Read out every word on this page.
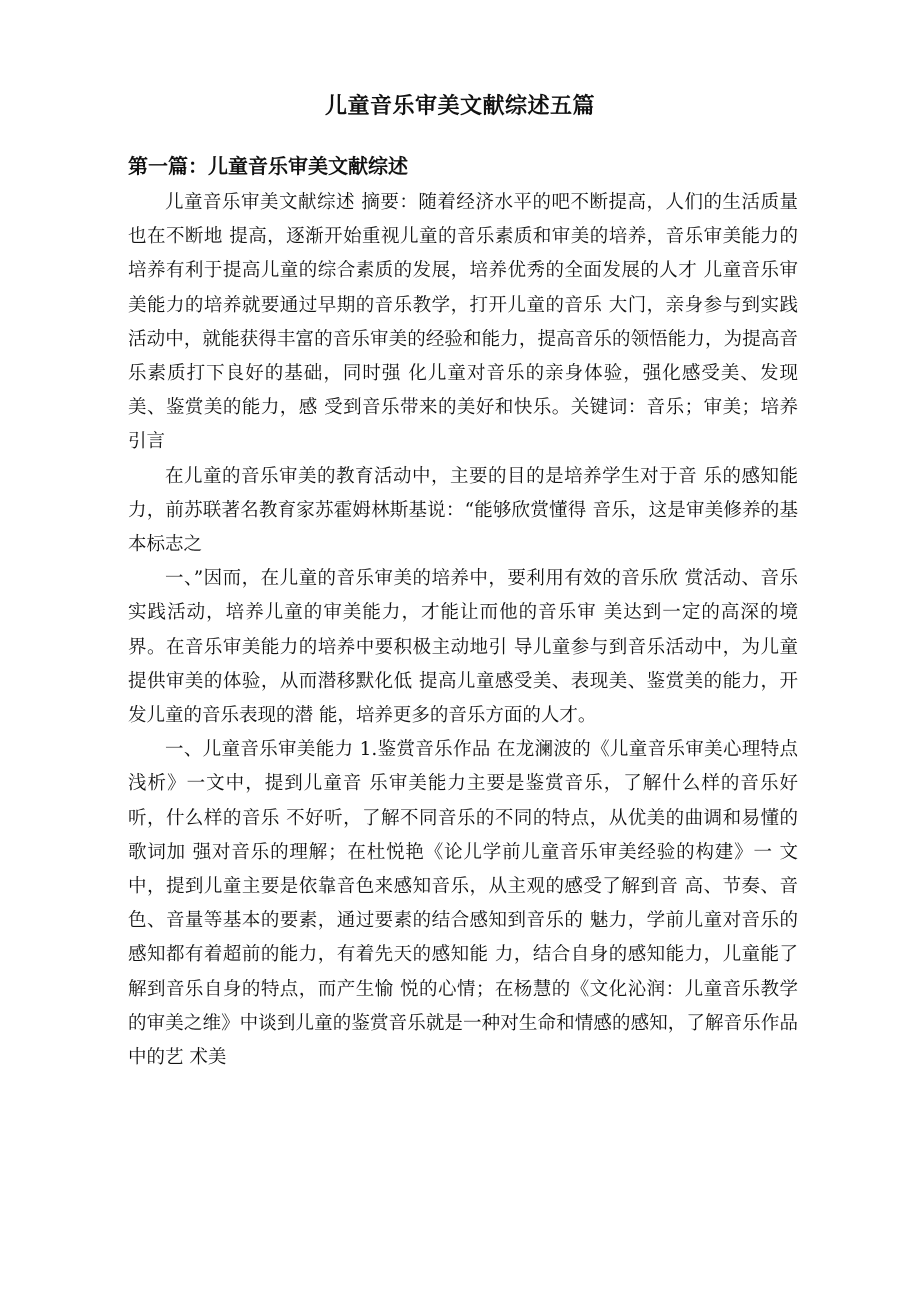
儿童音乐审美文献综述五篇
第一篇：儿童音乐审美文献综述

儿童音乐审美文献综述 摘要：随着经济水平的吧不断提高，人们的生活质量也在不断地 提高，逐渐开始重视儿童的音乐素质和审美的培养，音乐审美能力的 培养有利于提高儿童的综合素质的发展，培养优秀的全面发展的人才 儿童音乐审美能力的培养就要通过早期的音乐教学，打开儿童的音乐 大门，亲身参与到实践活动中，就能获得丰富的音乐审美的经验和能力，提高音乐的领悟能力，为提高音乐素质打下良好的基础，同时强 化儿童对音乐的亲身体验，强化感受美、发现美、鉴赏美的能力，感 受到音乐带来的美好和快乐。关键词：音乐；审美；培养引言

在儿童的音乐审美的教育活动中，主要的目的是培养学生对于音 乐的感知能力，前苏联著名教育家苏霍姆林斯基说：“能够欣赏懂得 音乐，这是审美修养的基本标志之

一、”因而，在儿童的音乐审美的培养中，要利用有效的音乐欣 赏活动、音乐实践活动，培养儿童的审美能力，才能让而他的音乐审 美达到一定的高深的境界。在音乐审美能力的培养中要积极主动地引 导儿童参与到音乐活动中，为儿童提供审美的体验，从而潜移默化低 提高儿童感受美、表现美、鉴赏美的能力，开发儿童的音乐表现的潜 能，培养更多的音乐方面的人才。

一、儿童音乐审美能力 1.鉴赏音乐作品 在龙澜波的《儿童音乐审美心理特点浅析》一文中，提到儿童音 乐审美能力主要是鉴赏音乐，了解什么样的音乐好听，什么样的音乐 不好听，了解不同音乐的不同的特点，从优美的曲调和易懂的歌词加 强对音乐的理解；在杜悦艳《论儿学前儿童音乐审美经验的构建》一 文中，提到儿童主要是依靠音色来感知音乐，从主观的感受了解到音 高、节奏、音色、音量等基本的要素，通过要素的结合感知到音乐的 魅力，学前儿童对音乐的感知都有着超前的能力，有着先天的感知能 力，结合自身的感知能力，儿童能了解到音乐自身的特点，而产生愉 悦的心情；在杨慧的《文化沁润：儿童音乐教学的审美之维》中谈到儿童的鉴赏音乐就是一种对生命和情感的感知，了解音乐作品中的艺 术美
